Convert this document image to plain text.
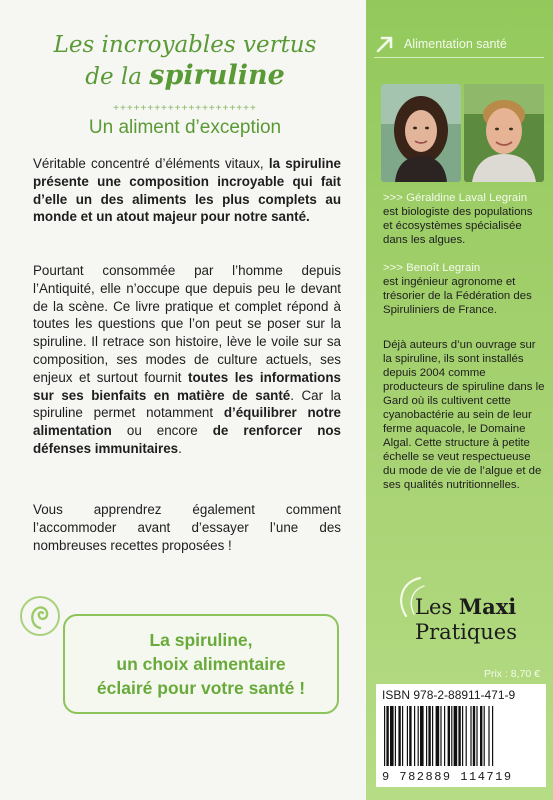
Les incroyables vertus
de la spiruline
+++++++++++++++++++++
Un aliment d’exception
Véritable concentré d’éléments vitaux, la spiruline présente une composition incroyable qui fait d’elle un des aliments les plus complets au monde et un atout majeur pour notre santé.
Pourtant consommée par l’homme depuis l’Antiquité, elle n’occupe que depuis peu le devant de la scène. Ce livre pratique et complet répond à toutes les questions que l’on peut se poser sur la spiruline. Il retrace son histoire, lève le voile sur sa composition, ses modes de culture actuels, ses enjeux et surtout fournit toutes les informations sur ses bienfaits en matière de santé. Car la spiruline permet notamment d’équilibrer notre alimentation ou encore de renforcer nos défenses immunitaires.
Vous apprendrez également comment l’accommoder avant d’essayer l’une des nombreuses recettes proposées !
La spiruline,
un choix alimentaire
éclairé pour votre santé !
Alimentation santé
>>> Géraldine Laval Legrain
est biologiste des populations et écosystèmes spécialisée dans les algues.
>>> Benoît Legrain
est ingénieur agronome et trésorier de la Fédération des Spiruliniers de France.
Déjà auteurs d’un ouvrage sur la spiruline, ils sont installés depuis 2004 comme producteurs de spiruline dans le Gard où ils cultivent cette cyanobactérie au sein de leur ferme aquacole, le Domaine Algal. Cette structure à petite échelle se veut respectueuse du mode de vie de l’algue et de ses qualités nutritionnelles.
Les Maxi
Pratiques
Prix : 8,70 €
ISBN 978-2-88911-471-9
9 782889 114719
